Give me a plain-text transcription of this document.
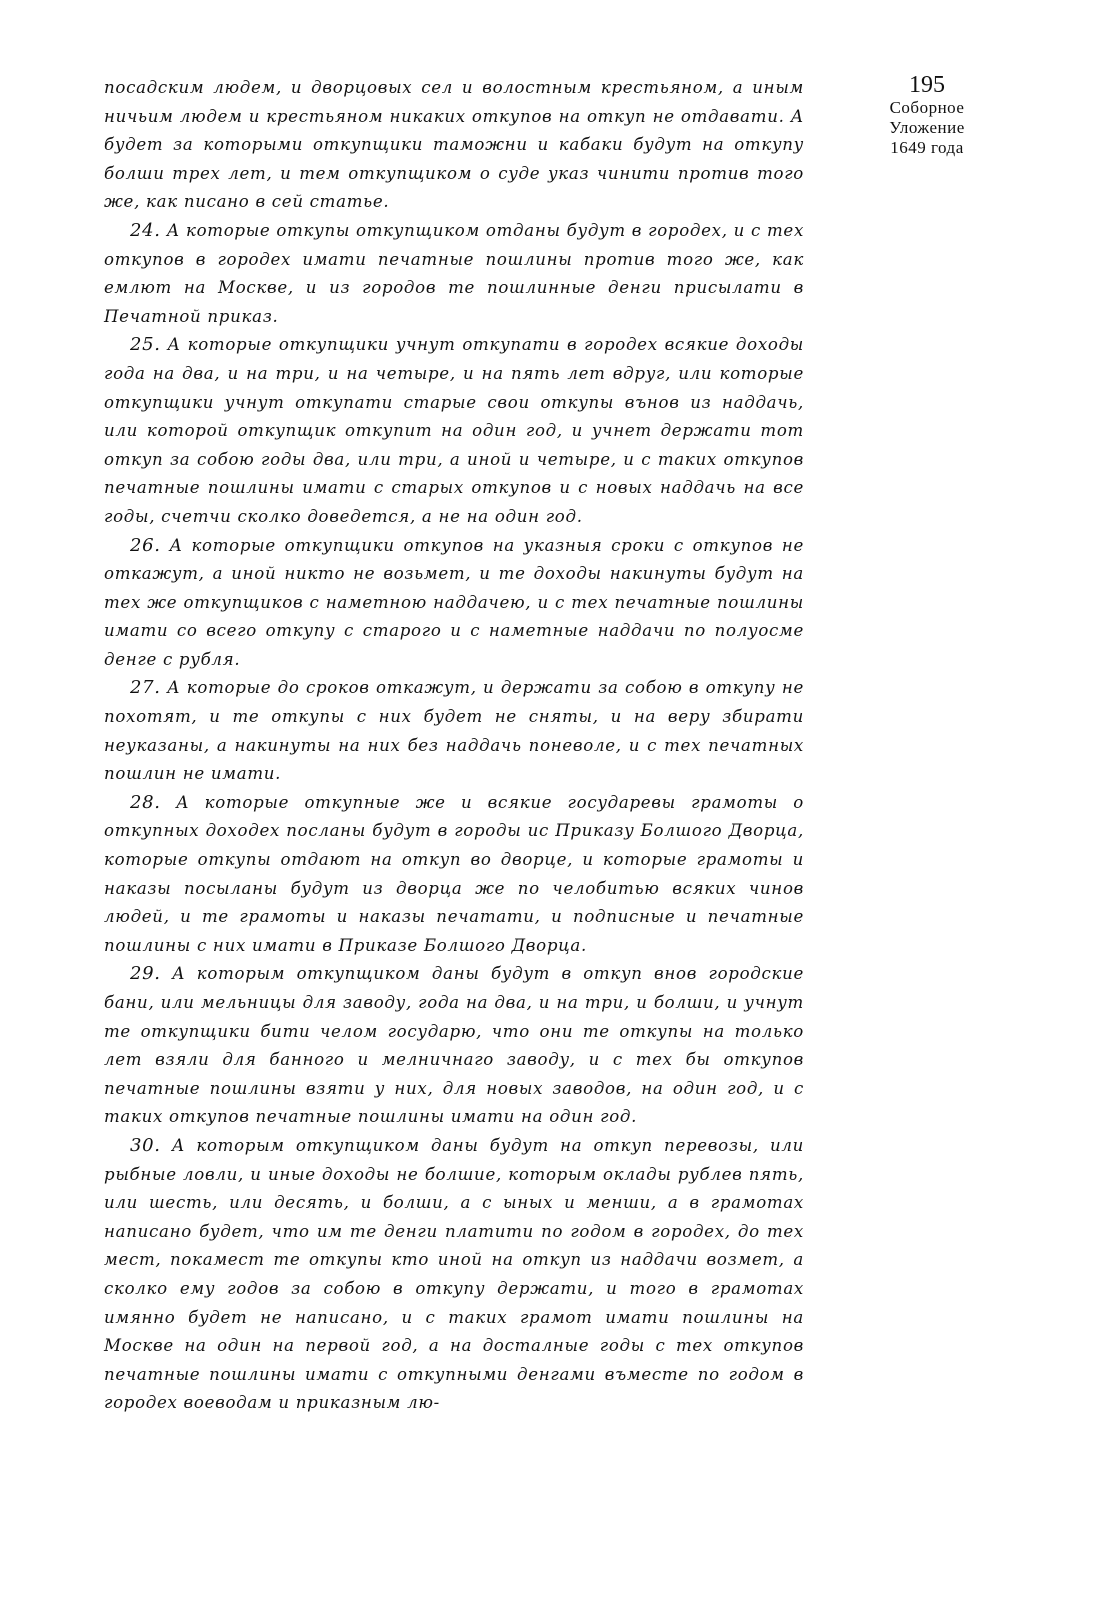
195
Соборное
Уложение
1649 года

посадским людем, и дворцовых сел и волостным крестьяном, а иным ничьим людем и крестьяном никаких откупов на откуп не отдавати. А будет за которыми откупщики таможни и кабаки будут на откупу болши трех лет, и тем откупщиком о суде указ чинити против того же, как писано в сей статье.

24. А которые откупы откупщиком отданы будут в городех, и с тех откупов в городех имати печатные пошлины против того же, как емлют на Москве, и из городов те пошлинные денги присылати в Печатной приказ.

25. А которые откупщики учнут откупати в городех всякие доходы года на два, и на три, и на четыре, и на пять лет вдруг, или которые откупщики учнут откупати старые свои откупы вънов из наддачь, или которой откупщик откупит на один год, и учнет держати тот откуп за собою годы два, или три, а иной и четыре, и с таких откупов печатные пошлины имати с старых откупов и с новых наддачь на все годы, счетчи сколко доведется, а не на один год.

26. А которые откупщики откупов на указныя сроки с откупов не откажут, а иной никто не возьмет, и те доходы накинуты будут на тех же откупщиков с наметною наддачею, и с тех печатные пошлины имати со всего откупу с старого и с наметные наддачи по полуосме денге с рубля.

27. А которые до сроков откажут, и держати за собою в откупу не похотят, и те откупы с них будет не сняты, и на веру збирати неуказаны, а накинуты на них без наддачь поневоле, и с тех печатных пошлин не имати.

28. А которые откупные же и всякие государевы грамоты о откупных доходех посланы будут в городы ис Приказу Болшого Дворца, которые откупы отдают на откуп во дворце, и которые грамоты и наказы посыланы будут из дворца же по челобитью всяких чинов людей, и те грамоты и наказы печатати, и подписные и печатные пошлины с них имати в Приказе Болшого Дворца.

29. А которым откупщиком даны будут в откуп внов городские бани, или мельницы для заводу, года на два, и на три, и болши, и учнут те откупщики бити челом государю, что они те откупы на только лет взяли для банного и мелничнаго заводу, и с тех бы откупов печатные пошлины взяти у них, для новых заводов, на один год, и с таких откупов печатные пошлины имати на один год.

30. А которым откупщиком даны будут на откуп перевозы, или рыбные ловли, и иные доходы не болшие, которым оклады рублев пять, или шесть, или десять, и болши, а с ыных и менши, а в грамотах написано будет, что им те денги платити по годом в городех, до тех мест, покамест те откупы кто иной на откуп из наддачи возмет, а сколко ему годов за собою в откупу держати, и того в грамотах имянно будет не написано, и с таких грамот имати пошлины на Москве на один на первой год, а на досталные годы с тех откупов печатные пошлины имати с откупными денгами въместе по годом в городех воеводам и приказным лю-
